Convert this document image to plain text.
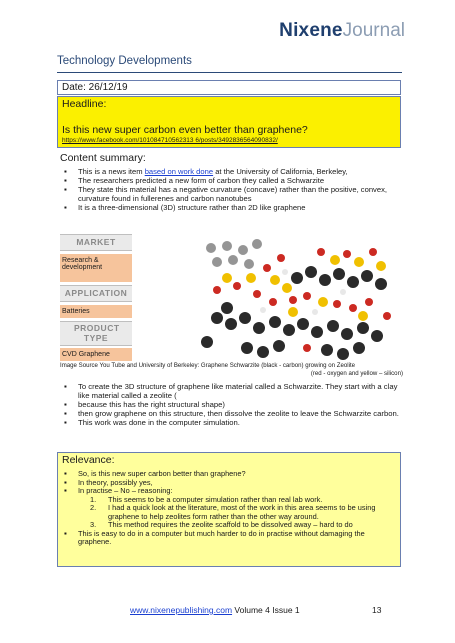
NixeneJournal
Technology Developments
Date: 26/12/19
Headline:
Is this new super carbon even better than graphene?
https://www.facebook.com/101084710562313 6/posts/3492836564090832/
Content summary:
▪ This is a news item based on work done at the University of California, Berkeley,
▪ The researchers predicted a new form of carbon they called a Schwarzite
▪ They state this material has a negative curvature (concave) rather than the positive, convex, curvature found in fullerenes and carbon nanotubes
▪ It is a three-dimensional (3D) structure rather than 2D like graphene
MARKET
Research & development
APPLICATION
Batteries
PRODUCT TYPE
CVD Graphene
Image Source You Tube and University of Berkeley: Graphene Schwarzite (black - carbon) growing on Zeolite
(red - oxygen and yellow – silicon)
▪ To create the 3D structure of graphene like material called a Schwarzite. They start with a clay like material called a zeolite (
▪ because this has the right structural shape)
▪ then grow graphene on this structure, then dissolve the zeolite to leave the Schwarzite carbon.
▪ This work was done in the computer simulation.
Relevance:
▪ So, is this new super carbon better than graphene?
▪ In theory, possibly yes,
▪ In practise – No – reasoning:
1. This seems to be a computer simulation rather than real lab work.
2. I had a quick look at the literature, most of the work in this area seems to be using graphene to help zeolites form rather than the other way around.
3. This method requires the zeolite scaffold to be dissolved away – hard to do
▪ This is easy to do in a computer but much harder to do in practise without damaging the graphene.
www.nixenepublishing.com Volume 4 Issue 1	13
